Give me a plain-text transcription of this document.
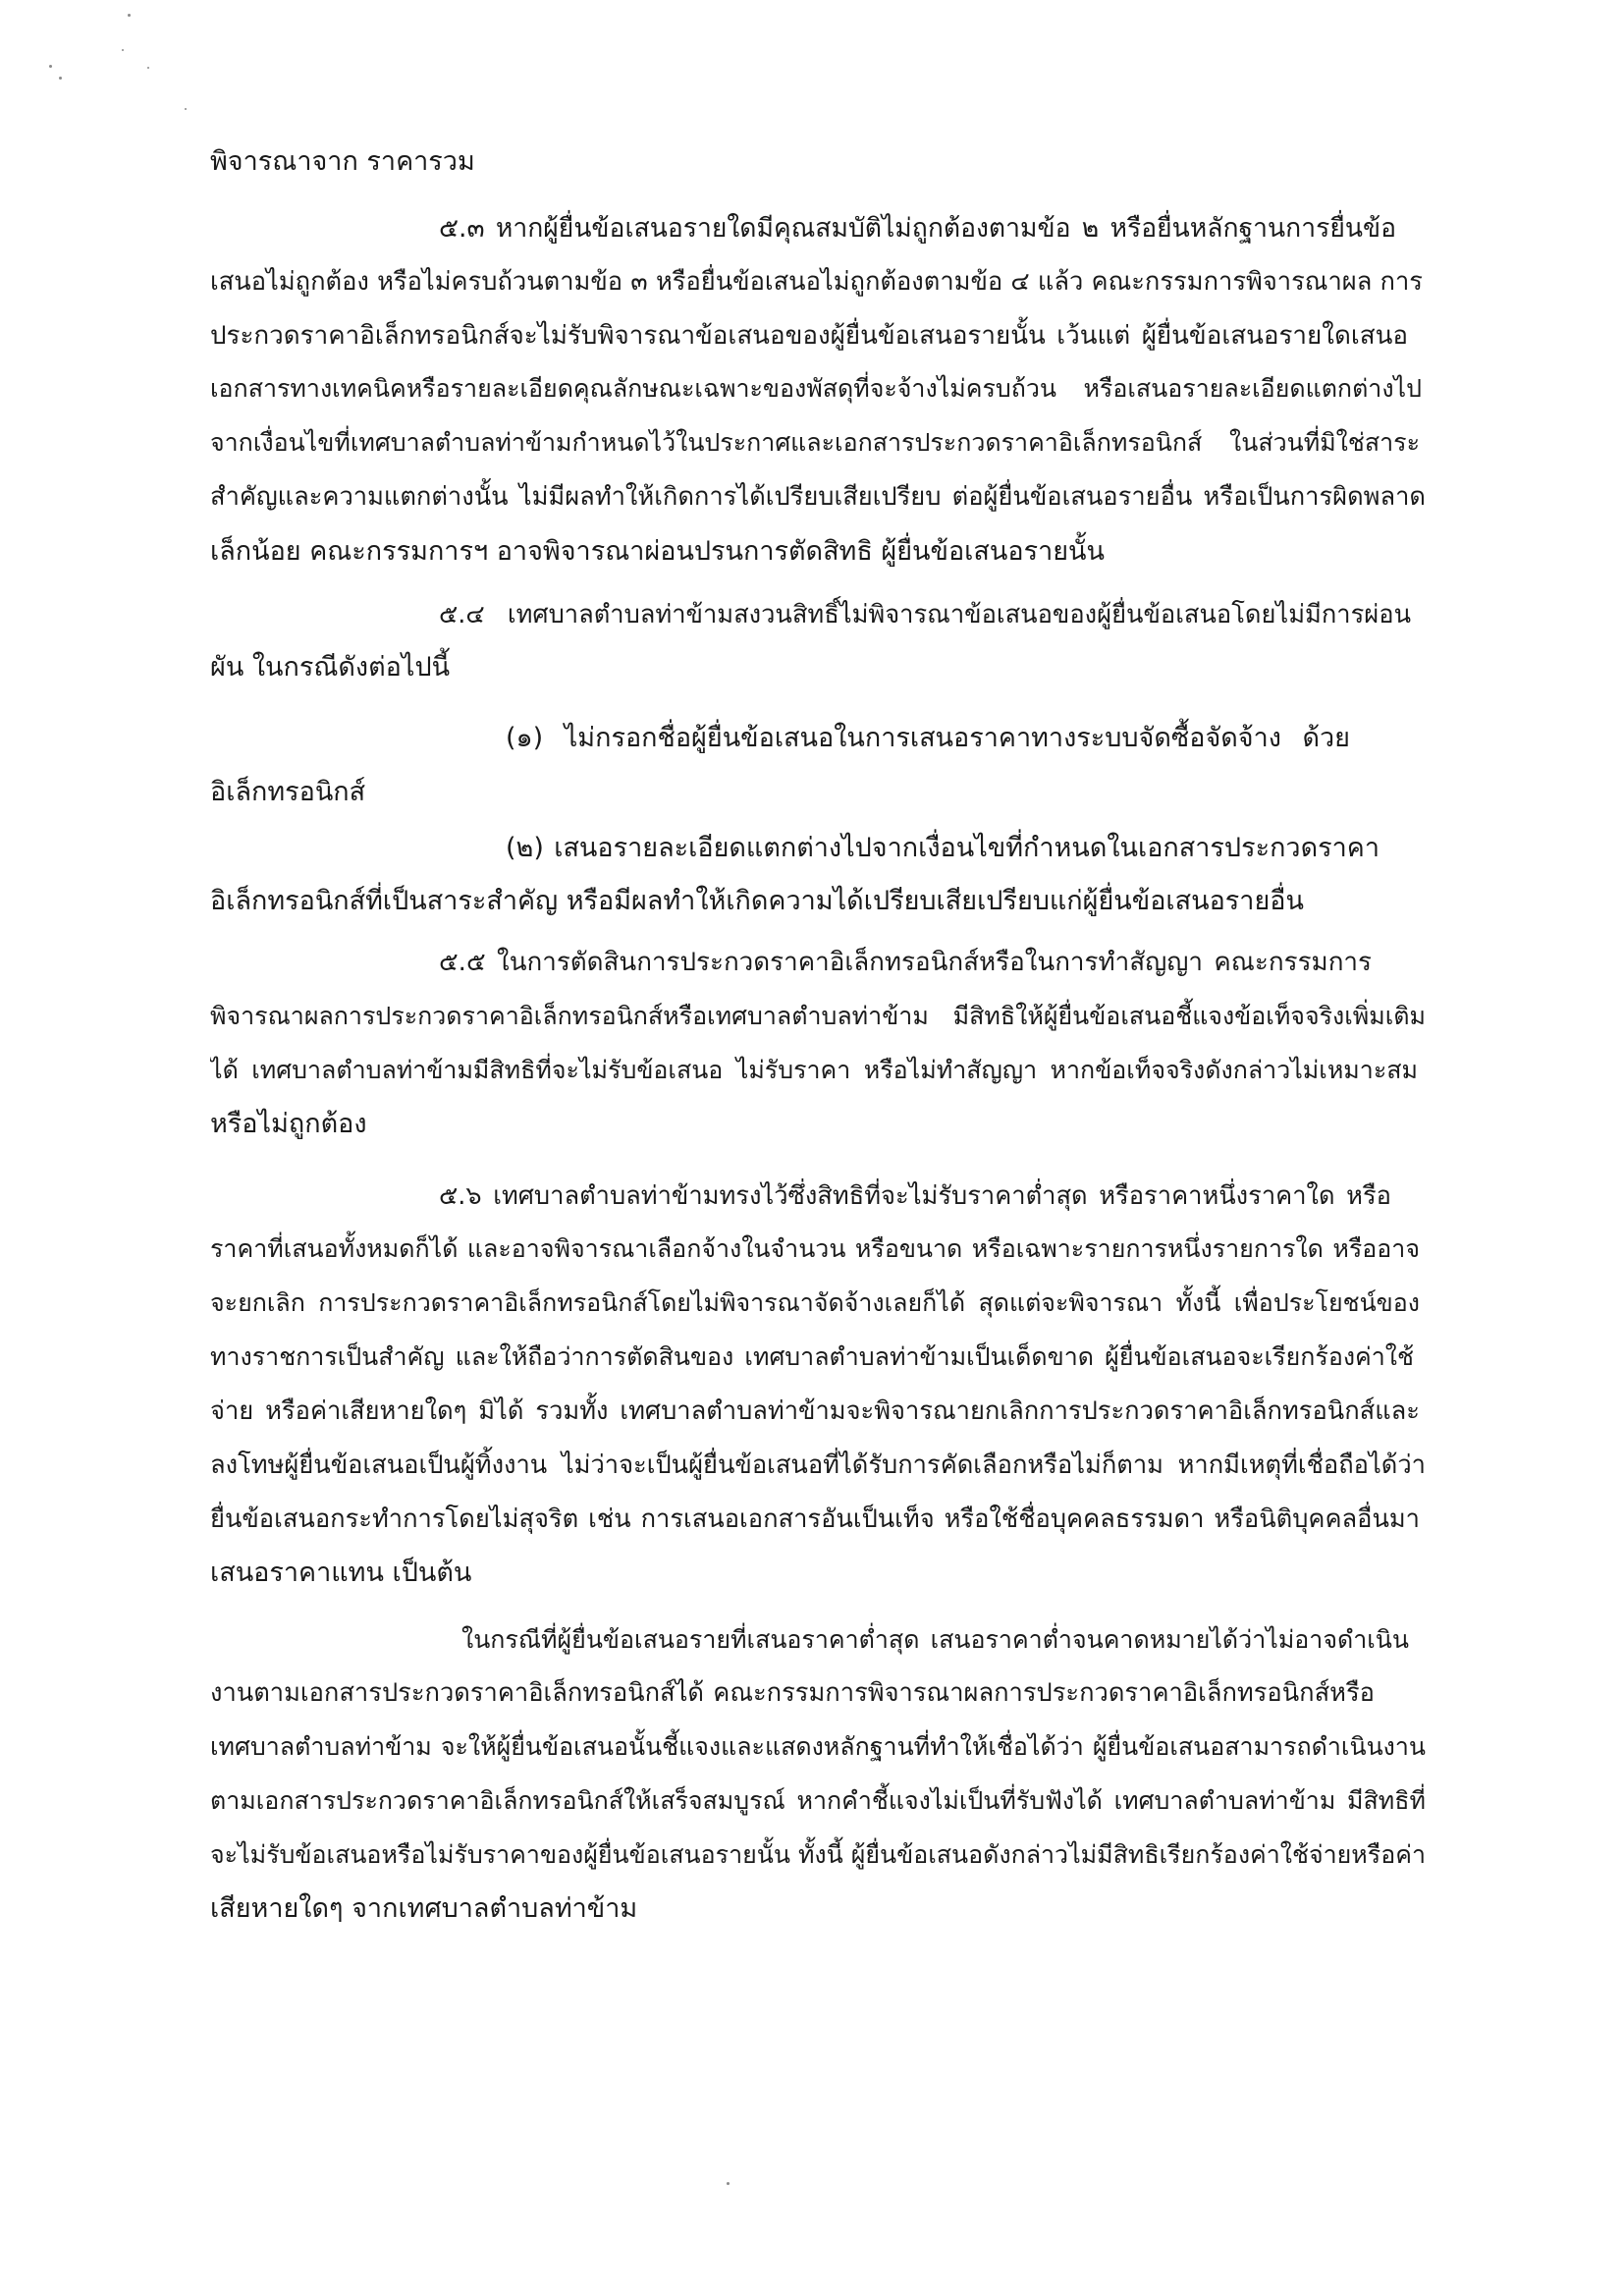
พิจารณาจาก ราคารวม

๕.๓ หากผู้ยื่นข้อเสนอรายใดมีคุณสมบัติไม่ถูกต้องตามข้อ ๒ หรือยื่นหลักฐานการยื่นข้อ

เสนอไม่ถูกต้อง หรือไม่ครบถ้วนตามข้อ ๓ หรือยื่นข้อเสนอไม่ถูกต้องตามข้อ ๔ แล้ว คณะกรรมการพิจารณาผล การ

ประกวดราคาอิเล็กทรอนิกส์จะไม่รับพิจารณาข้อเสนอของผู้ยื่นข้อเสนอรายนั้น เว้นแต่ ผู้ยื่นข้อเสนอรายใดเสนอ

เอกสารทางเทคนิคหรือรายละเอียดคุณลักษณะเฉพาะของพัสดุที่จะจ้างไม่ครบถ้วน หรือเสนอรายละเอียดแตกต่างไป

จากเงื่อนไขที่เทศบาลตำบลท่าข้ามกำหนดไว้ในประกาศและเอกสารประกวดราคาอิเล็กทรอนิกส์ ในส่วนที่มิใช่สาระ

สำคัญและความแตกต่างนั้น ไม่มีผลทำให้เกิดการได้เปรียบเสียเปรียบ ต่อผู้ยื่นข้อเสนอรายอื่น หรือเป็นการผิดพลาด

เล็กน้อย คณะกรรมการฯ อาจพิจารณาผ่อนปรนการตัดสิทธิ ผู้ยื่นข้อเสนอรายนั้น

๕.๔ เทศบาลตำบลท่าข้ามสงวนสิทธิ์ไม่พิจารณาข้อเสนอของผู้ยื่นข้อเสนอโดยไม่มีการผ่อน

ผัน ในกรณีดังต่อไปนี้

(๑) ไม่กรอกชื่อผู้ยื่นข้อเสนอในการเสนอราคาทางระบบจัดซื้อจัดจ้าง ด้วย

อิเล็กทรอนิกส์

(๒) เสนอรายละเอียดแตกต่างไปจากเงื่อนไขที่กำหนดในเอกสารประกวดราคา

อิเล็กทรอนิกส์ที่เป็นสาระสำคัญ หรือมีผลทำให้เกิดความได้เปรียบเสียเปรียบแก่ผู้ยื่นข้อเสนอรายอื่น

๕.๕ ในการตัดสินการประกวดราคาอิเล็กทรอนิกส์หรือในการทำสัญญา คณะกรรมการ

พิจารณาผลการประกวดราคาอิเล็กทรอนิกส์หรือเทศบาลตำบลท่าข้าม มีสิทธิให้ผู้ยื่นข้อเสนอชี้แจงข้อเท็จจริงเพิ่มเติม

ได้ เทศบาลตำบลท่าข้ามมีสิทธิที่จะไม่รับข้อเสนอ ไม่รับราคา หรือไม่ทำสัญญา หากข้อเท็จจริงดังกล่าวไม่เหมาะสม

หรือไม่ถูกต้อง

๕.๖ เทศบาลตำบลท่าข้ามทรงไว้ซึ่งสิทธิที่จะไม่รับราคาต่ำสุด หรือราคาหนึ่งราคาใด หรือ

ราคาที่เสนอทั้งหมดก็ได้ และอาจพิจารณาเลือกจ้างในจำนวน หรือขนาด หรือเฉพาะรายการหนึ่งรายการใด หรืออาจ

จะยกเลิก การประกวดราคาอิเล็กทรอนิกส์โดยไม่พิจารณาจัดจ้างเลยก็ได้ สุดแต่จะพิจารณา ทั้งนี้ เพื่อประโยชน์ของ

ทางราชการเป็นสำคัญ และให้ถือว่าการตัดสินของ เทศบาลตำบลท่าข้ามเป็นเด็ดขาด ผู้ยื่นข้อเสนอจะเรียกร้องค่าใช้

จ่าย หรือค่าเสียหายใดๆ มิได้ รวมทั้ง เทศบาลตำบลท่าข้ามจะพิจารณายกเลิกการประกวดราคาอิเล็กทรอนิกส์และ

ลงโทษผู้ยื่นข้อเสนอเป็นผู้ทิ้งงาน ไม่ว่าจะเป็นผู้ยื่นข้อเสนอที่ได้รับการคัดเลือกหรือไม่ก็ตาม หากมีเหตุที่เชื่อถือได้ว่า

ยื่นข้อเสนอกระทำการโดยไม่สุจริต เช่น การเสนอเอกสารอันเป็นเท็จ หรือใช้ชื่อบุคคลธรรมดา หรือนิติบุคคลอื่นมา

เสนอราคาแทน เป็นต้น

ในกรณีที่ผู้ยื่นข้อเสนอรายที่เสนอราคาต่ำสุด เสนอราคาต่ำจนคาดหมายได้ว่าไม่อาจดำเนิน

งานตามเอกสารประกวดราคาอิเล็กทรอนิกส์ได้ คณะกรรมการพิจารณาผลการประกวดราคาอิเล็กทรอนิกส์หรือ

เทศบาลตำบลท่าข้าม จะให้ผู้ยื่นข้อเสนอนั้นชี้แจงและแสดงหลักฐานที่ทำให้เชื่อได้ว่า ผู้ยื่นข้อเสนอสามารถดำเนินงาน

ตามเอกสารประกวดราคาอิเล็กทรอนิกส์ให้เสร็จสมบูรณ์ หากคำชี้แจงไม่เป็นที่รับฟังได้ เทศบาลตำบลท่าข้าม มีสิทธิที่

จะไม่รับข้อเสนอหรือไม่รับราคาของผู้ยื่นข้อเสนอรายนั้น ทั้งนี้ ผู้ยื่นข้อเสนอดังกล่าวไม่มีสิทธิเรียกร้องค่าใช้จ่ายหรือค่า

เสียหายใดๆ จากเทศบาลตำบลท่าข้าม
